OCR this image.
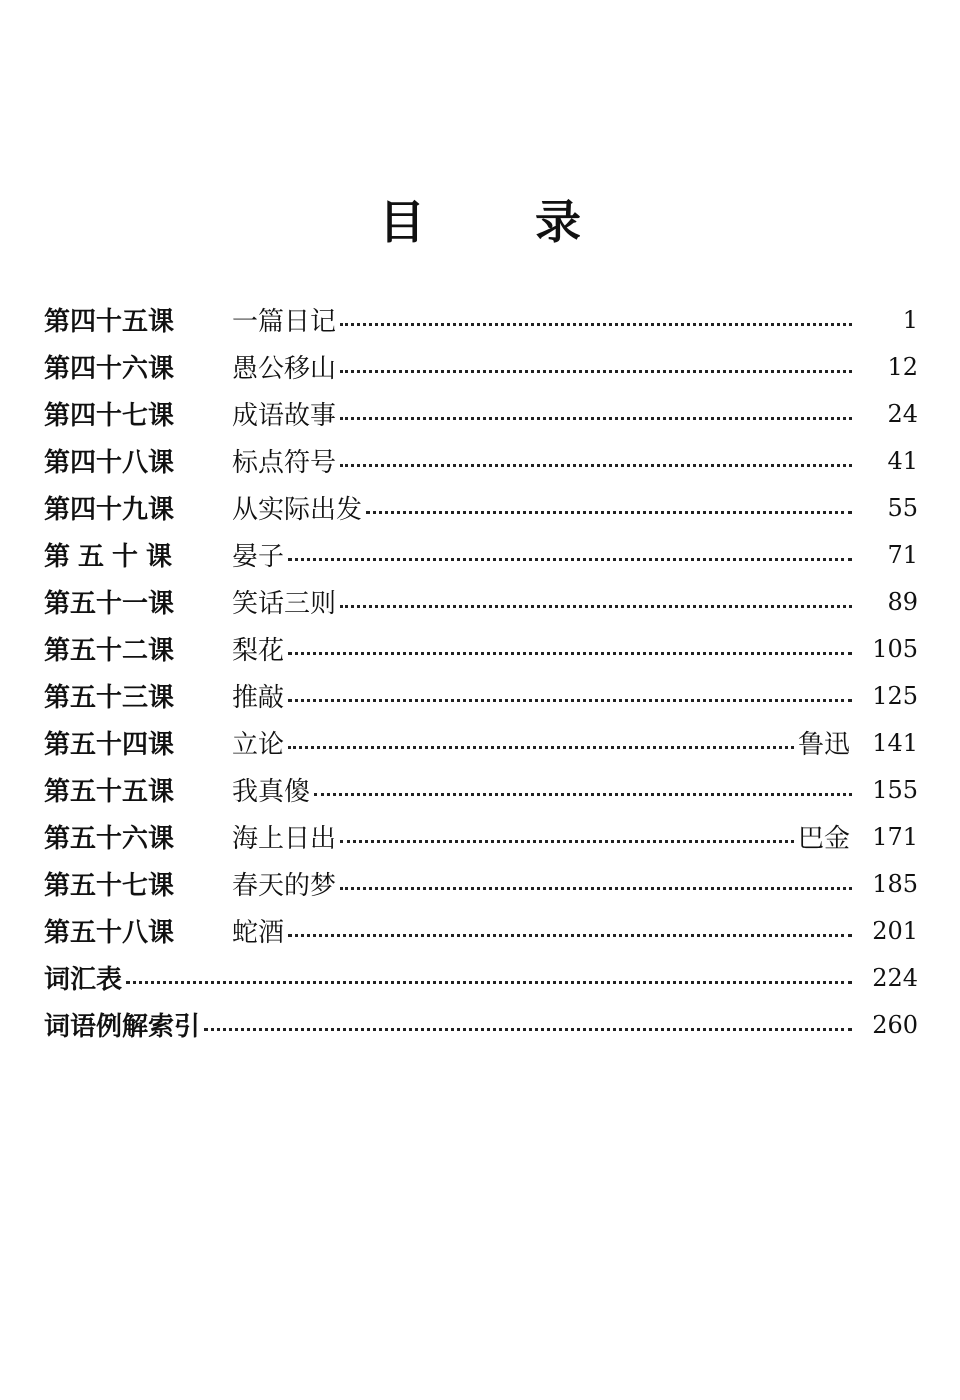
目 录
第四十五课	一篇日记	1
第四十六课	愚公移山	12
第四十七课	成语故事	24
第四十八课	标点符号	41
第四十九课	从实际出发	55
第五十课	晏子	71
第五十一课	笑话三则	89
第五十二课	梨花	105
第五十三课	推敲	125
第五十四课	立论	鲁迅 141
第五十五课	我真傻	155
第五十六课	海上日出	巴金 171
第五十七课	春天的梦	185
第五十八课	蛇酒	201
词汇表	224
词语例解索引	260
